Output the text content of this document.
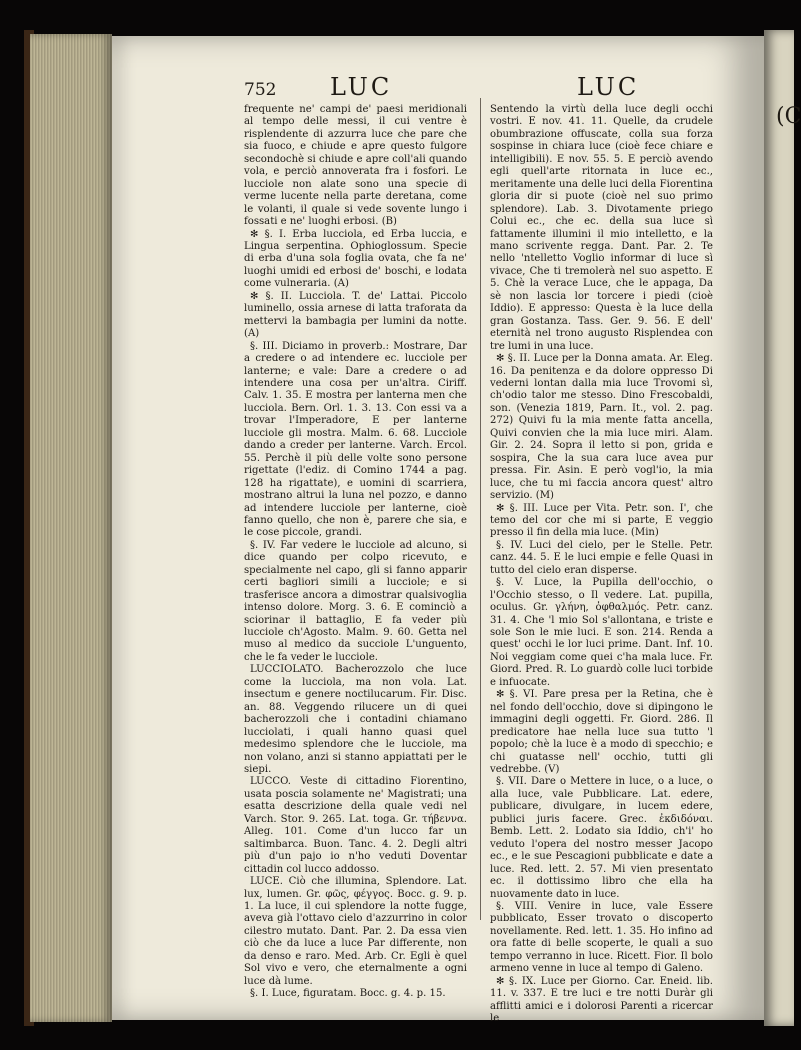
(C
752 LUC	LUC

frequente ne' campi de' paesi meridionali al tempo delle messi, il cui ventre è risplendente di azzurra luce che pare che sia fuoco, e chiude e apre questo fulgore secondochè si chiude e apre coll'ali quando vola, e perciò annoverata fra i fosfori. Le lucciole non alate sono una specie di verme lucente nella parte deretana, come le volanti, il quale si vede sovente lungo i fossati e ne' luoghi erbosi. (B)

✻ §. I. Erba lucciola, ed Erba luccia, e Lingua serpentina. Ophioglossum. Specie di erba d'una sola foglia ovata, che fa ne' luoghi umidi ed erbosi de' boschi, e lodata come vulneraria. (A)

✻ §. II. Lucciola. T. de' Lattai. Piccolo luminello, ossia arnese di latta traforata da mettervi la bambagia per lumini da notte. (A)

§. III. Diciamo in proverb.: Mostrare, Dar a credere o ad intendere ec. lucciole per lanterne; e vale: Dare a credere o ad intendere una cosa per un'altra. Ciriff. Calv. 1. 35. E mostra per lanterna men che lucciola. Bern. Orl. 1. 3. 13. Con essi va a trovar l'Imperadore, E per lanterne lucciole gli mostra. Malm. 6. 68. Lucciole dando a creder per lanterne. Varch. Ercol. 55. Perchè il più delle volte sono persone rigettate (l'ediz. di Comino 1744 a pag. 128 ha rigattate), e uomini di scarriera, mostrano altrui la luna nel pozzo, e danno ad intendere lucciole per lanterne, cioè fanno quello, che non è, parere che sia, e le cose piccole, grandi.

§. IV. Far vedere le lucciole ad alcuno, si dice quando per colpo ricevuto, e specialmente nel capo, gli si fanno apparir certi bagliori simili a lucciole; e si trasferisce ancora a dimostrar qualsivoglia intenso dolore. Morg. 3. 6. E cominciò a sciorinar il battaglio, E fa veder più lucciole ch'Agosto. Malm. 9. 60. Getta nel muso al medico da succiole L'unguento, che le fa veder le lucciole.

LUCCIOLATO. Bacherozzolo che luce come la lucciola, ma non vola. Lat. insectum e genere noctilucarum. Fir. Disc. an. 88. Veggendo rilucere un di quei bacherozzoli che i contadini chiamano lucciolati, i quali hanno quasi quel medesimo splendore che le lucciole, ma non volano, anzi si stanno appiattati per le siepi.

LUCCO. Veste di cittadino Fiorentino, usata poscia solamente ne' Magistrati; una esatta descrizione della quale vedi nel Varch. Stor. 9. 265. Lat. toga. Gr. τήβεννα. Alleg. 101. Come d'un lucco far un saltimbarca. Buon. Tanc. 4. 2. Degli altri più d'un pajo io n'ho veduti Doventar cittadin col lucco addosso.

LUCE. Ciò che illumina, Splendore. Lat. lux, lumen. Gr. φῶς, φέγγος. Bocc. g. 9. p. 1. La luce, il cui splendore la notte fugge, aveva già l'ottavo cielo d'azzurrino in color cilestro mutato. Dant. Par. 2. Da essa vien ciò che da luce a luce Par differente, non da denso e raro. Med. Arb. Cr. Egli è quel Sol vivo e vero, che eternalmente a ogni luce dà lume.

§. I. Luce, figuratam. Bocc. g. 4. p. 15.

Sentendo la virtù della luce degli occhi vostri. E nov. 41. 11. Quelle, da crudele obumbrazione offuscate, colla sua forza sospinse in chiara luce (cioè fece chiare e intelligibili). E nov. 55. 5. E perciò avendo egli quell'arte ritornata in luce ec., meritamente una delle luci della Fiorentina gloria dir si puote (cioè nel suo primo splendore). Lab. 3. Divotamente priego Colui ec., che ec. della sua luce sì fattamente illumini il mio intelletto, e la mano scrivente regga. Dant. Par. 2. Te nello 'ntelletto Voglio informar di luce sì vivace, Che ti tremolerà nel suo aspetto. E 5. Chè la verace Luce, che le appaga, Da sè non lascia lor torcere i piedi (cioè Iddio). E appresso: Questa è la luce della gran Gostanza. Tass. Ger. 9. 56. E dell' eternità nel trono augusto Risplendea con tre lumi in una luce.

✻ §. II. Luce per la Donna amata. Ar. Eleg. 16. Da penitenza e da dolore oppresso Di vederni lontan dalla mia luce Trovomi sì, ch'odio talor me stesso. Dino Frescobaldi, son. (Venezia 1819, Parn. It., vol. 2. pag. 272) Quivi fu la mia mente fatta ancella, Quivi convien che la mia luce miri. Alam. Gir. 2. 24. Sopra il letto si pon, grida e sospira, Che la sua cara luce avea pur pressa. Fir. Asin. E però vogl'io, la mia luce, che tu mi faccia ancora quest' altro servizio. (M)

✻ §. III. Luce per Vita. Petr. son. I', che temo del cor che mi si parte, E veggio presso il fin della mia luce. (Min)

§. IV. Luci del cielo, per le Stelle. Petr. canz. 44. 5. E le luci empie e felle Quasi in tutto del cielo eran disperse.

§. V. Luce, la Pupilla dell'occhio, o l'Occhio stesso, o Il vedere. Lat. pupilla, oculus. Gr. γλήνη, ὀφθαλμός. Petr. canz. 31. 4. Che 'l mio Sol s'allontana, e triste e sole Son le mie luci. E son. 214. Renda a quest' occhi le lor luci prime. Dant. Inf. 10. Noi veggiam come quei c'ha mala luce. Fr. Giord. Pred. R. Lo guardò colle luci torbide e infuocate.

✻ §. VI. Pare presa per la Retina, che è nel fondo dell'occhio, dove si dipingono le immagini degli oggetti. Fr. Giord. 286. Il predicatore hae nella luce sua tutto 'l popolo; chè la luce è a modo di specchio; e chi guatasse nell' occhio, tutti gli vedrebbe. (V)

§. VII. Dare o Mettere in luce, o a luce, o alla luce, vale Pubblicare. Lat. edere, publicare, divulgare, in lucem edere, publici juris facere. Grec. ἐκδιδόναι. Bemb. Lett. 2. Lodato sia Iddio, ch'i' ho veduto l'opera del nostro messer Jacopo ec., e le sue Pescagioni pubblicate e date a luce. Red. lett. 2. 57. Mi vien presentato ec. il dottissimo libro che ella ha nuovamente dato in luce.

§. VIII. Venire in luce, vale Essere pubblicato, Esser trovato o discoperto novellamente. Red. lett. 1. 35. Ho infino ad ora fatte di belle scoperte, le quali a suo tempo verranno in luce. Ricett. Fior. Il bolo armeno venne in luce al tempo di Galeno.

✻ §. IX. Luce per Giorno. Car. Eneid. lib. 11. v. 337. E tre luci e tre notti Duràr gli afflitti amici e i dolorosi Parenti a ricercar le
